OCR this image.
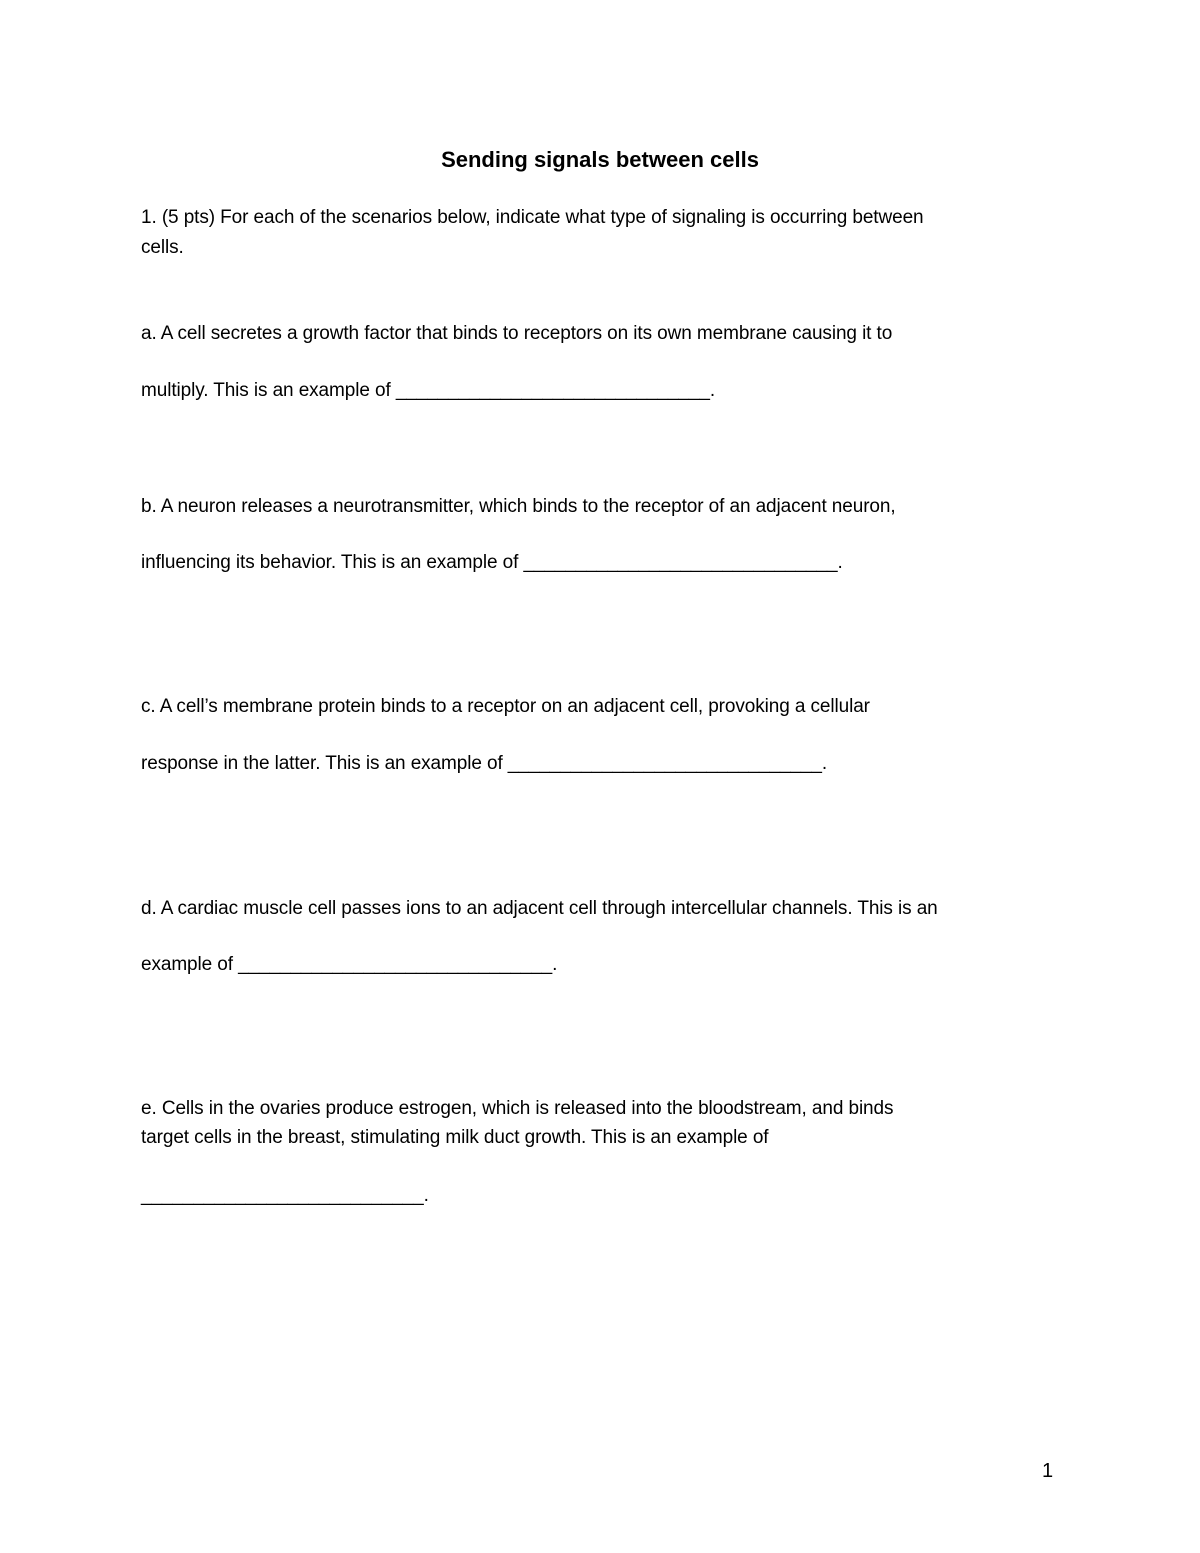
Sending signals between cells
1. (5 pts) For each of the scenarios below, indicate what type of signaling is occurring between
cells.
a. A cell secretes a growth factor that binds to receptors on its own membrane causing it to
multiply. This is an example of ______________________________.
b. A neuron releases a neurotransmitter, which binds to the receptor of an adjacent neuron,
influencing its behavior. This is an example of ______________________________.
c. A cell’s membrane protein binds to a receptor on an adjacent cell, provoking a cellular
response in the latter. This is an example of ______________________________.
d. A cardiac muscle cell passes ions to an adjacent cell through intercellular channels. This is an
example of ______________________________.
e. Cells in the ovaries produce estrogen, which is released into the bloodstream, and binds
target cells in the breast, stimulating milk duct growth. This is an example of
___________________________.
1
